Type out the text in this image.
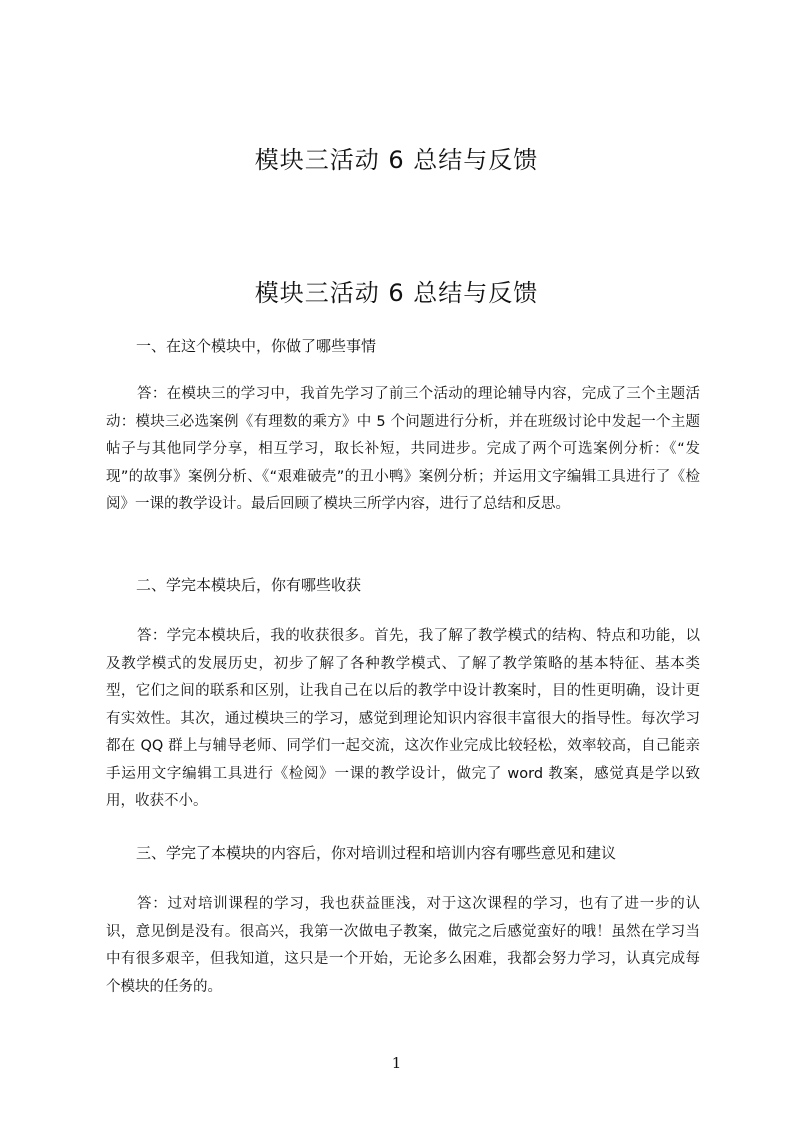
模块三活动 6 总结与反馈
模块三活动 6 总结与反馈

一、在这个模块中，你做了哪些事情

答：在模块三的学习中，我首先学习了前三个活动的理论辅导内容，完成了三个主题活动：模块三必选案例《有理数的乘方》中 5 个问题进行分析，并在班级讨论中发起一个主题帖子与其他同学分享，相互学习，取长补短，共同进步。完成了两个可选案例分析：《“发现”的故事》案例分析、《“艰难破壳”的丑小鸭》案例分析；并运用文字编辑工具进行了《检阅》一课的教学设计。最后回顾了模块三所学内容，进行了总结和反思。

二、学完本模块后，你有哪些收获

答：学完本模块后，我的收获很多。首先，我了解了教学模式的结构、特点和功能，以及教学模式的发展历史，初步了解了各种教学模式、了解了教学策略的基本特征、基本类型，它们之间的联系和区别，让我自己在以后的教学中设计教案时，目的性更明确，设计更有实效性。其次，通过模块三的学习，感觉到理论知识内容很丰富很大的指导性。每次学习都在 QQ 群上与辅导老师、同学们一起交流，这次作业完成比较轻松，效率较高，自己能亲手运用文字编辑工具进行《检阅》一课的教学设计，做完了 word 教案，感觉真是学以致用，收获不小。

三、学完了本模块的内容后，你对培训过程和培训内容有哪些意见和建议

答：过对培训课程的学习，我也获益匪浅，对于这次课程的学习，也有了进一步的认识，意见倒是没有。很高兴，我第一次做电子教案，做完之后感觉蛮好的哦！虽然在学习当中有很多艰辛，但我知道，这只是一个开始，无论多么困难，我都会努力学习，认真完成每个模块的任务的。

1
